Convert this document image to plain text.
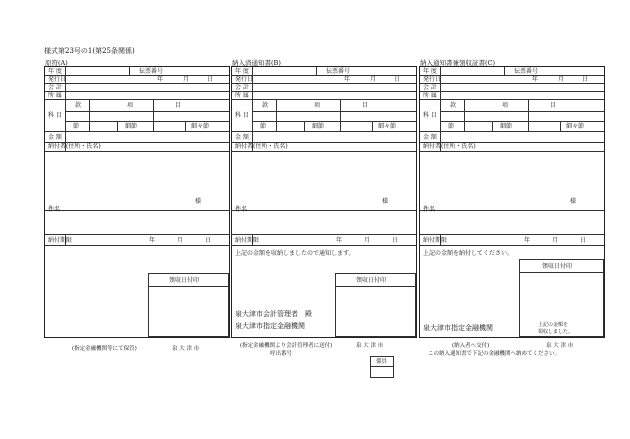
様式第23号の1(第25条関係)
原符(A)
年 度	伝票番号
発行日	年	月	日
会 計
所 属
科 目
款	項	目
節	細節	細々節
金 額
納付者(住所・氏名)
様
件名
納付期限	年	月	日
領収日付印
納入済通知書(B)
年 度	伝票番号
発行日	年	月	日
会 計
所 属
科 目
款	項	目
節	細節	細々節
金 額
納付者(住所・氏名)
様
件名
納付期限	年	月	日
上記の金額を収納しましたので通知します。
領収日付印
泉大津市会計管理者　殿
泉大津市指定金融機関
納入通知書兼領収証書(C)
年 度	伝票番号
発行日	年	月	日
会 計
所 属
科 目
款	項	目
節	細節	細々節
金 額
納付者(住所・氏名)
様
件名
納付期限	年	月	日
上記の金額を納付してください。
領収日付印
上記の金額を
領収しました。
泉大津市指定金融機関
(指定金融機関等にて保管)	泉 大 津 市	(指定金融機関より会計管理者に送付)	泉 大 津 市
呼出番号
係員
(納入者へ交付)	泉 大 津 市
この納入通知書で下記の金融機関へ納めてください。
